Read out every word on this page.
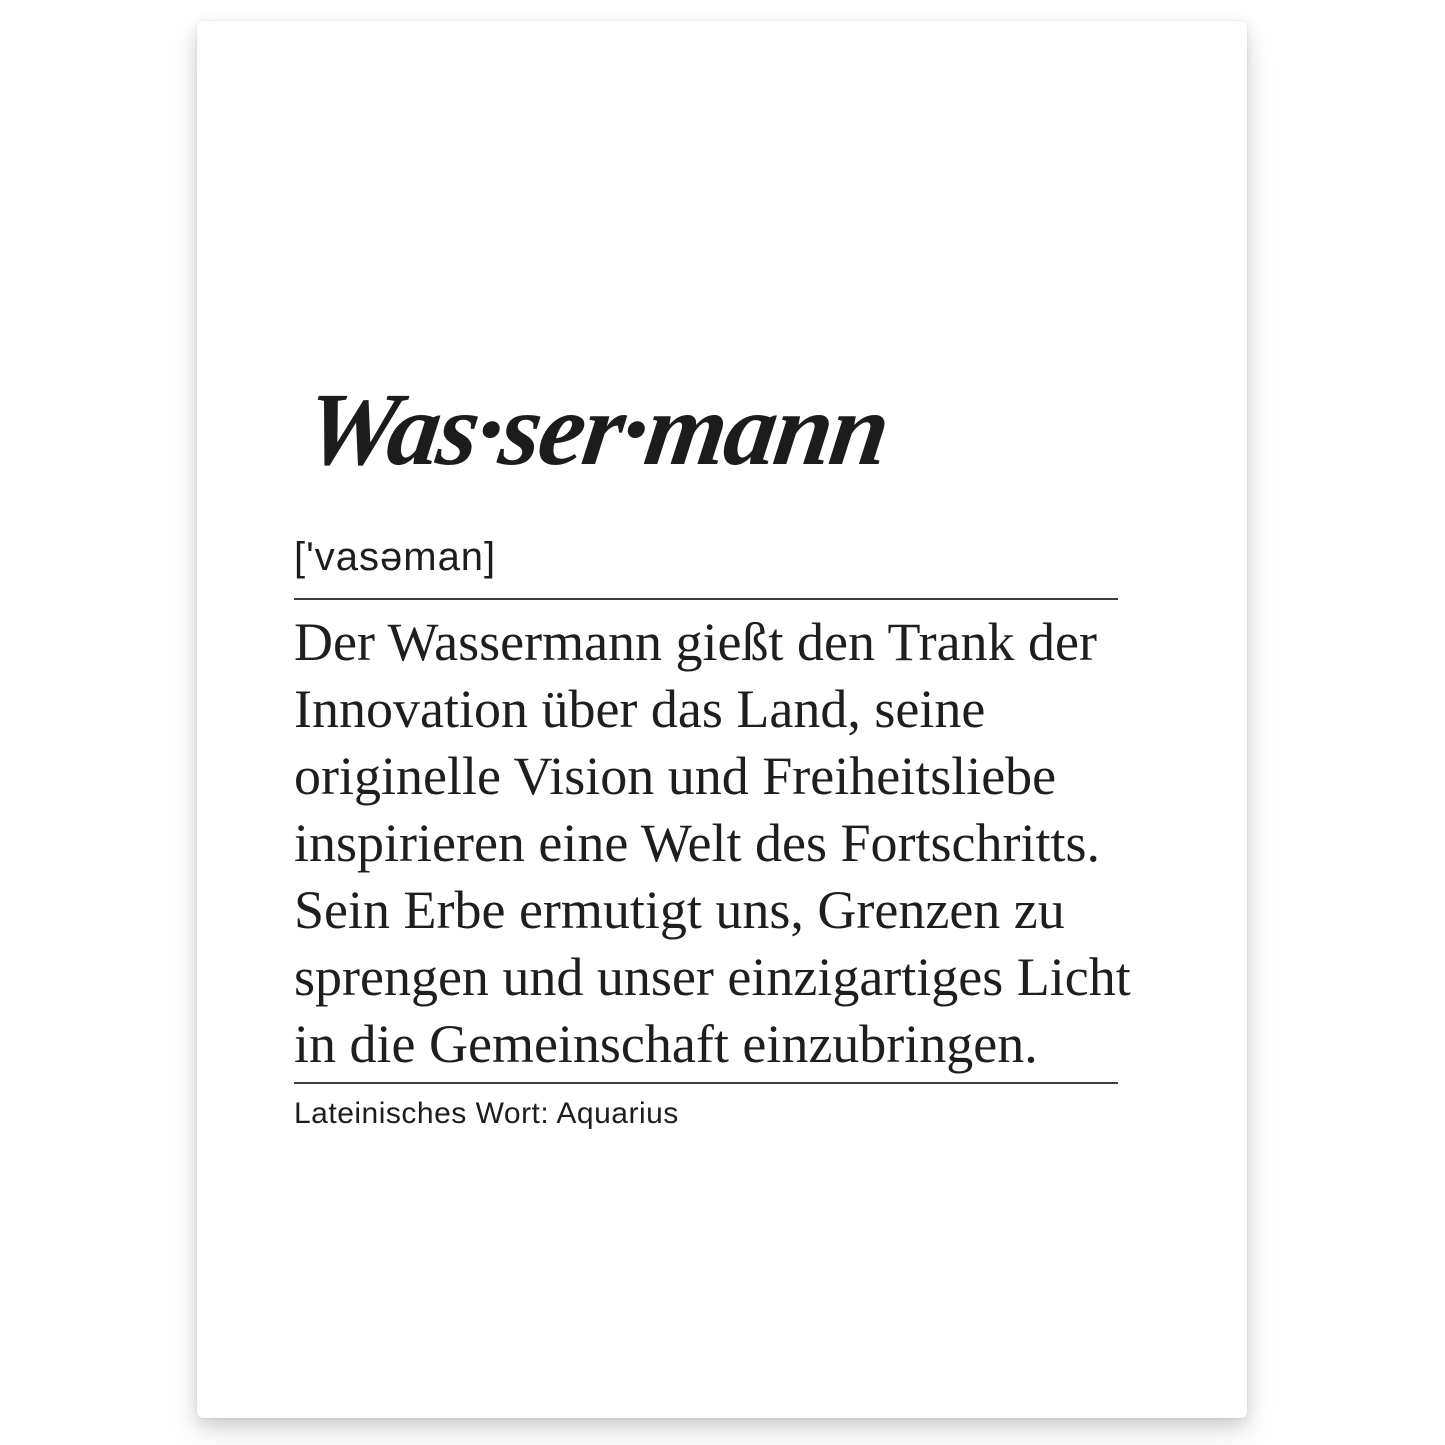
Was·ser·mann
['vasəman]
Der Wassermann gießt den Trank der
Innovation über das Land, seine
originelle Vision und Freiheitsliebe
inspirieren eine Welt des Fortschritts.
Sein Erbe ermutigt uns, Grenzen zu
sprengen und unser einzigartiges Licht
in die Gemeinschaft einzubringen.
Lateinisches Wort: Aquarius
